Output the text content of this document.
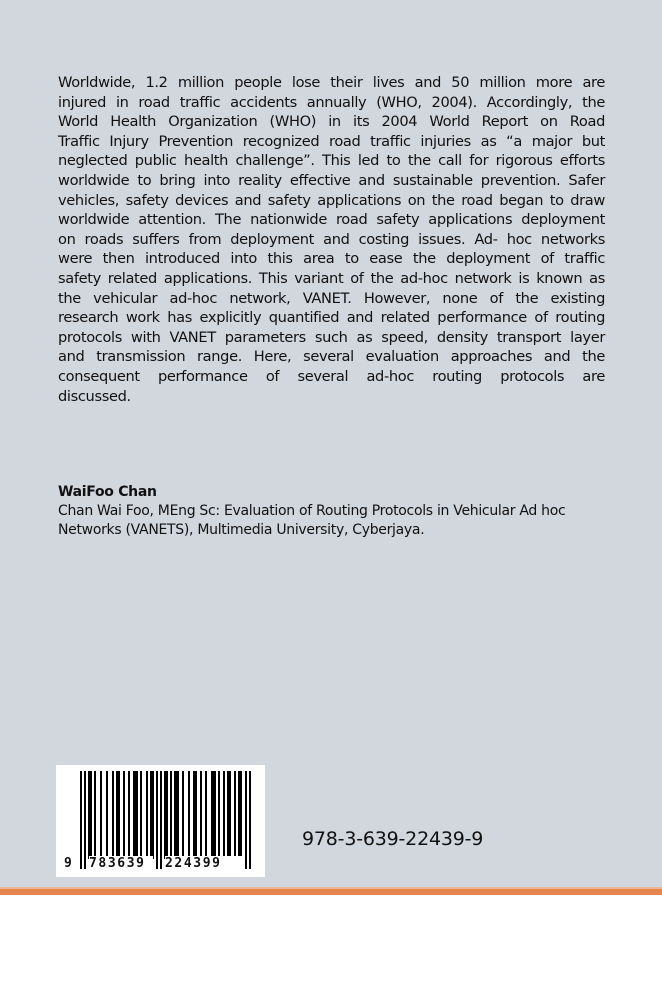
Worldwide, 1.2 million people lose their lives and 50 million more are
injured in road traffic accidents annually (WHO, 2004). Accordingly, the
World Health Organization (WHO) in its 2004 World Report on Road
Traffic Injury Prevention recognized road traffic injuries as “a major but
neglected public health challenge”. This led to the call for rigorous efforts
worldwide to bring into reality effective and sustainable prevention. Safer
vehicles, safety devices and safety applications on the road began to draw
worldwide attention. The nationwide road safety applications deployment
on roads suffers from deployment and costing issues. Ad- hoc networks
were then introduced into this area to ease the deployment of traffic
safety related applications. This variant of the ad-hoc network is known as
the vehicular ad-hoc network, VANET. However, none of the existing
research work has explicitly quantified and related performance of routing
protocols with VANET parameters such as speed, density transport layer
and transmission range. Here, several evaluation approaches and the
consequent performance of several ad-hoc routing protocols are
discussed.
WaiFoo Chan
Chan Wai Foo, MEng Sc: Evaluation of Routing Protocols in Vehicular Ad hoc
Networks (VANETS), Multimedia University, Cyberjaya.
9 783639	224399
978-3-639-22439-9
